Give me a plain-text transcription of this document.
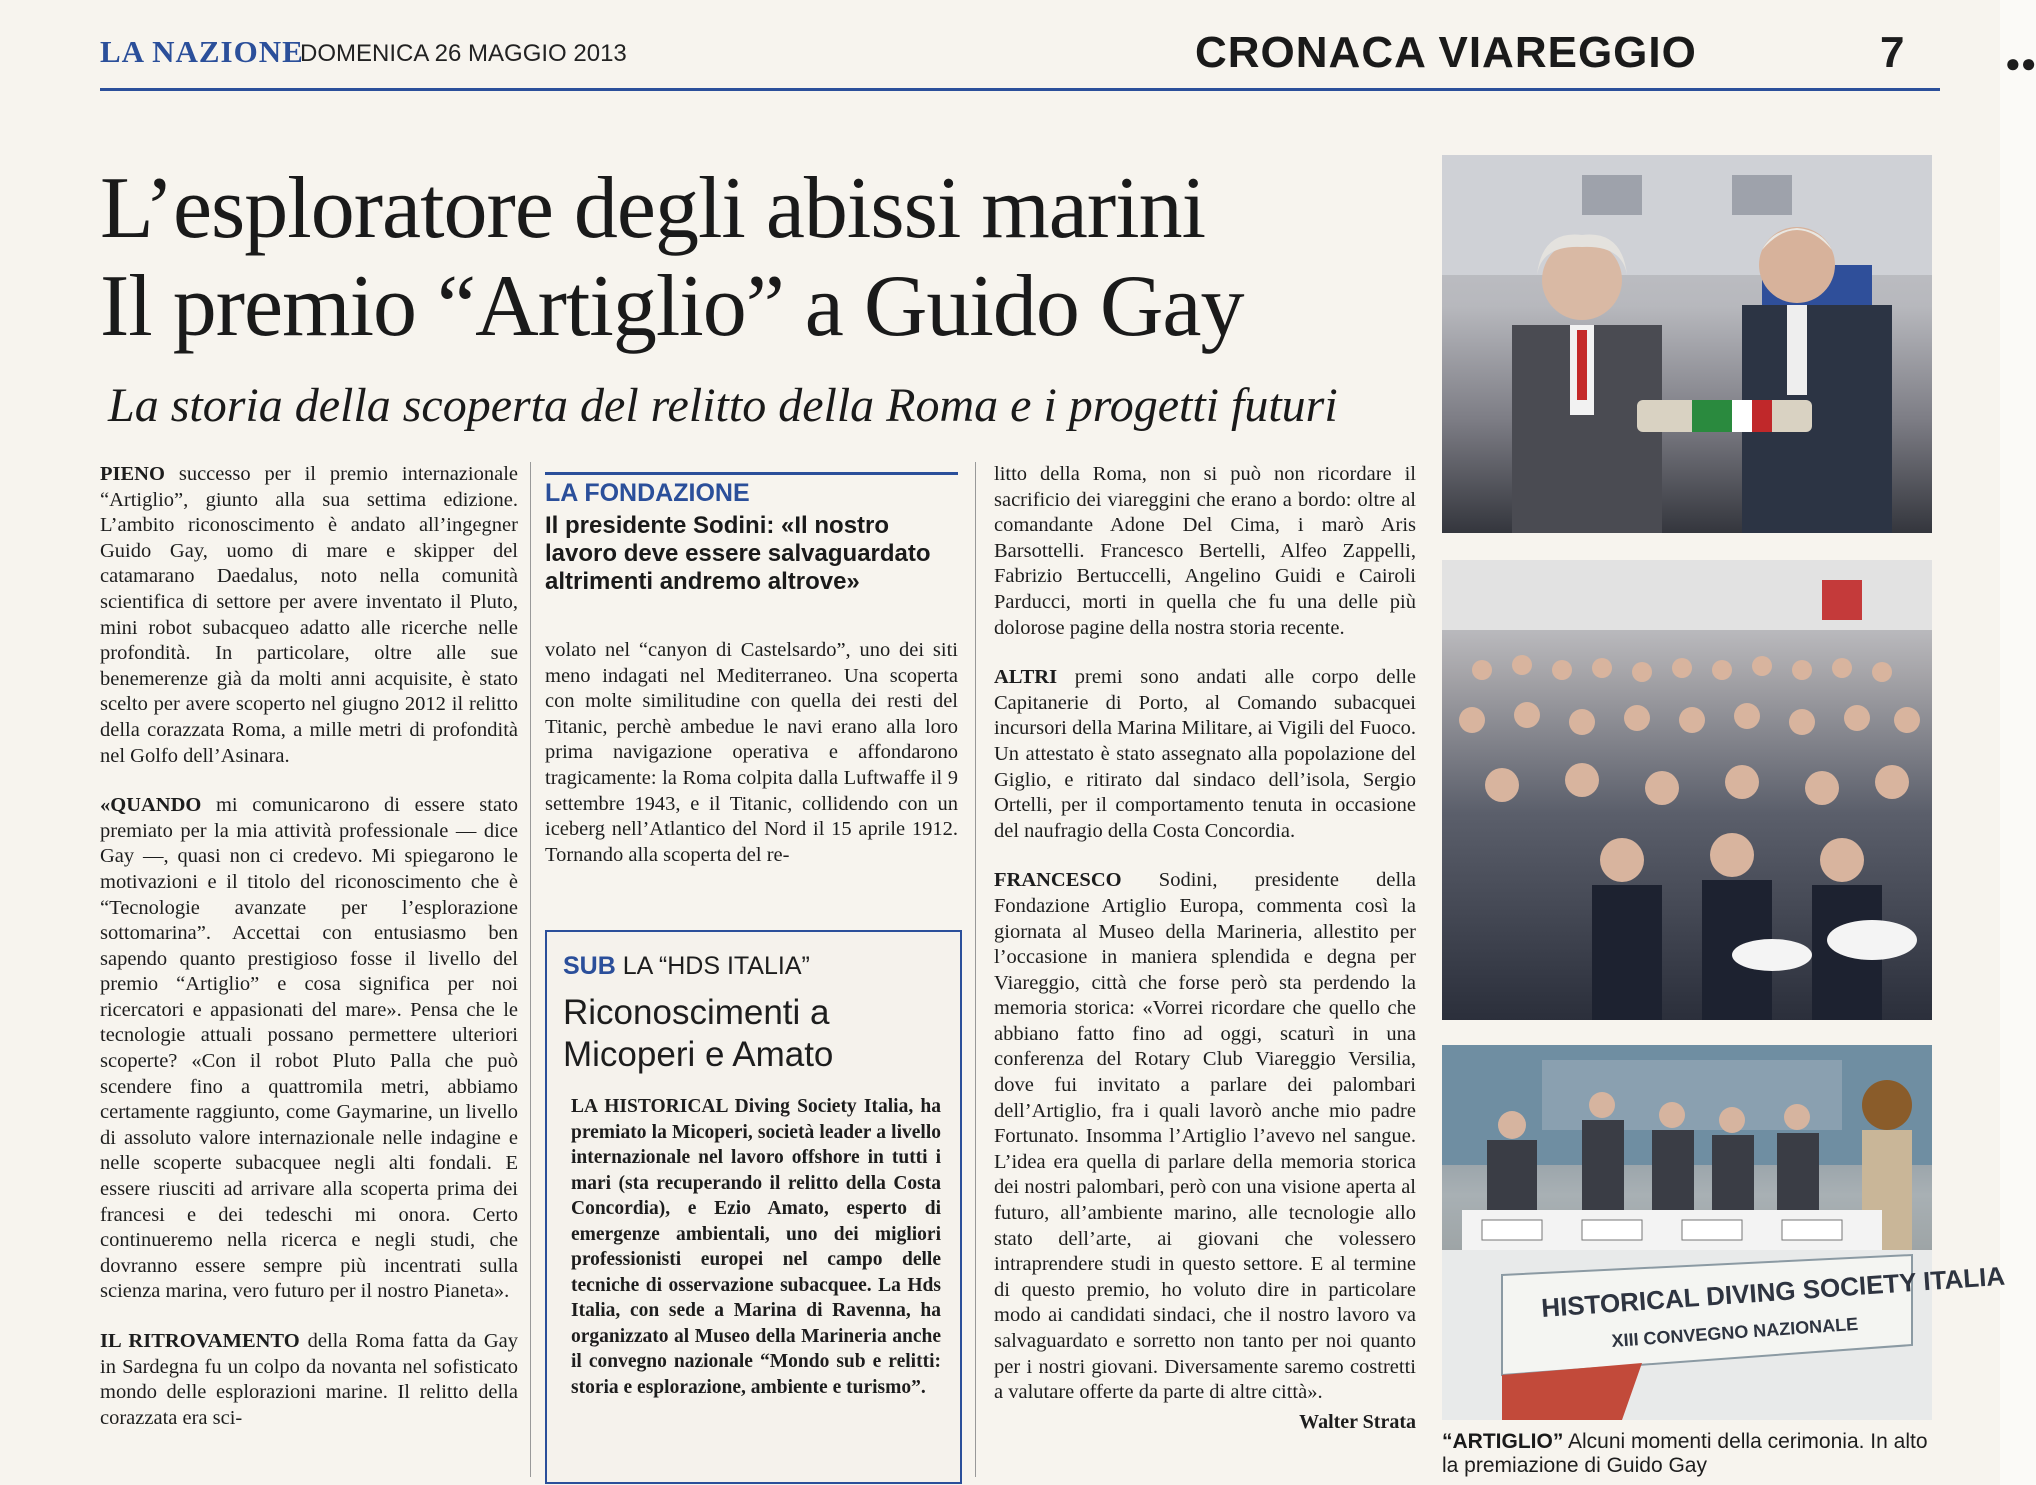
LA NAZIONE
DOMENICA 26 MAGGIO 2013	CRONACA VIAREGGIO	7	●●
L’esploratore degli abissi marini
Il premio “Artiglio” a Guido Gay
La storia della scoperta del relitto della Roma e i progetti futuri

PIENO successo per il premio internazionale “Artiglio”, giunto alla sua settima edizione. L’ambito riconoscimento è andato all’ingegner Guido Gay, uomo di mare e skipper del catamarano Daedalus, noto nella comunità scientifica di settore per avere inventato il Pluto, mini robot subacqueo adatto alle ricerche nelle profondità. In particolare, oltre alle sue benemerenze già da molti anni acquisite, è stato scelto per avere scoperto nel giugno 2012 il relitto della corazzata Roma, a mille metri di profondità nel Golfo dell’Asinara.

«QUANDO mi comunicarono di essere stato premiato per la mia attività professionale — dice Gay —, quasi non ci credevo. Mi spiegarono le motivazioni e il titolo del riconoscimento che è “Tecnologie avanzate per l’esplorazione sottomarina”. Accettai con entusiasmo ben sapendo quanto prestigioso fosse il livello del premio “Artiglio” e cosa significa per noi ricercatori e appasionati del mare». Pensa che le tecnologie attuali possano permettere ulteriori scoperte? «Con il robot Pluto Palla che può scendere fino a quattromila metri, abbiamo certamente raggiunto, come Gaymarine, un livello di assoluto valore internazionale nelle indagine e nelle scoperte subacquee negli alti fondali. E essere riusciti ad arrivare alla scoperta prima dei francesi e dei tedeschi mi onora. Certo continueremo nella ricerca e negli studi, che dovranno essere sempre più incentrati sulla scienza marina, vero futuro per il nostro Pianeta».

IL RITROVAMENTO della Roma fatta da Gay in Sardegna fu un colpo da novanta nel sofisticato mondo delle esplorazioni marine. Il relitto della corazzata era sci-

LA FONDAZIONE
Il presidente Sodini: «Il nostro lavoro deve essere salvaguardato altrimenti andremo altrove»

volato nel “canyon di Castelsardo”, uno dei siti meno indagati nel Mediterraneo. Una scoperta con molte similitudine con quella dei resti del Titanic, perchè ambedue le navi erano alla loro prima navigazione operativa e affondarono tragicamente: la Roma colpita dalla Luftwaffe il 9 settembre 1943, e il Titanic, collidendo con un iceberg nell’Atlantico del Nord il 15 aprile 1912. Tornando alla scoperta del re-

SUB LA “HDS ITALIA”
Riconoscimenti a Micoperi e Amato
LA HISTORICAL Diving Society Italia, ha premiato la Micoperi, società leader a livello internazionale nel lavoro offshore in tutti i mari (sta recuperando il relitto della Costa Concordia), e Ezio Amato, esperto di emergenze ambientali, uno dei migliori professionisti europei nel campo delle tecniche di osservazione subacquee. La Hds Italia, con sede a Marina di Ravenna, ha organizzato al Museo della Marineria anche il convegno nazionale “Mondo sub e relitti: storia e esplorazione, ambiente e turismo”.

litto della Roma, non si può non ricordare il sacrificio dei viareggini che erano a bordo: oltre al comandante Adone Del Cima, i marò Aris Barsottelli. Francesco Bertelli, Alfeo Zappelli, Fabrizio Bertuccelli, Angelino Guidi e Cairoli Parducci, morti in quella che fu una delle più dolorose pagine della nostra storia recente.

ALTRI premi sono andati alle corpo delle Capitanerie di Porto, al Comando subacquei incursori della Marina Militare, ai Vigili del Fuoco. Un attestato è stato assegnato alla popolazione del Giglio, e ritirato dal sindaco dell’isola, Sergio Ortelli, per il comportamento tenuta in occasione del naufragio della Costa Concordia.

FRANCESCO Sodini, presidente della Fondazione Artiglio Europa, commenta così la giornata al Museo della Marineria, allestito per l’occasione in maniera splendida e degna per Viareggio, città che forse però sta perdendo la memoria storica: «Vorrei ricordare che quello che abbiano fatto fino ad oggi, scaturì in una conferenza del Rotary Club Viareggio Versilia, dove fui invitato a parlare dei palombari dell’Artiglio, fra i quali lavorò anche mio padre Fortunato. Insomma l’Artiglio l’avevo nel sangue. L’idea era quella di parlare della memoria storica dei nostri palombari, però con una visione aperta al futuro, all’ambiente marino, alle tecnologie allo stato dell’arte, ai giovani che volessero intraprendere studi in questo settore. E al termine di questo premio, ho voluto dire in particolare modo ai candidati sindaci, che il nostro lavoro va salvaguardato e sorretto non tanto per noi quanto per i nostri giovani. Diversamente saremo costretti a valutare offerte da parte di altre città».

Walter Strata
HISTORICAL DIVING SOCIETY ITALIA
XIII CONVEGNO NAZIONALE
“ARTIGLIO” Alcuni momenti della cerimonia. In alto la premiazione di Guido Gay
